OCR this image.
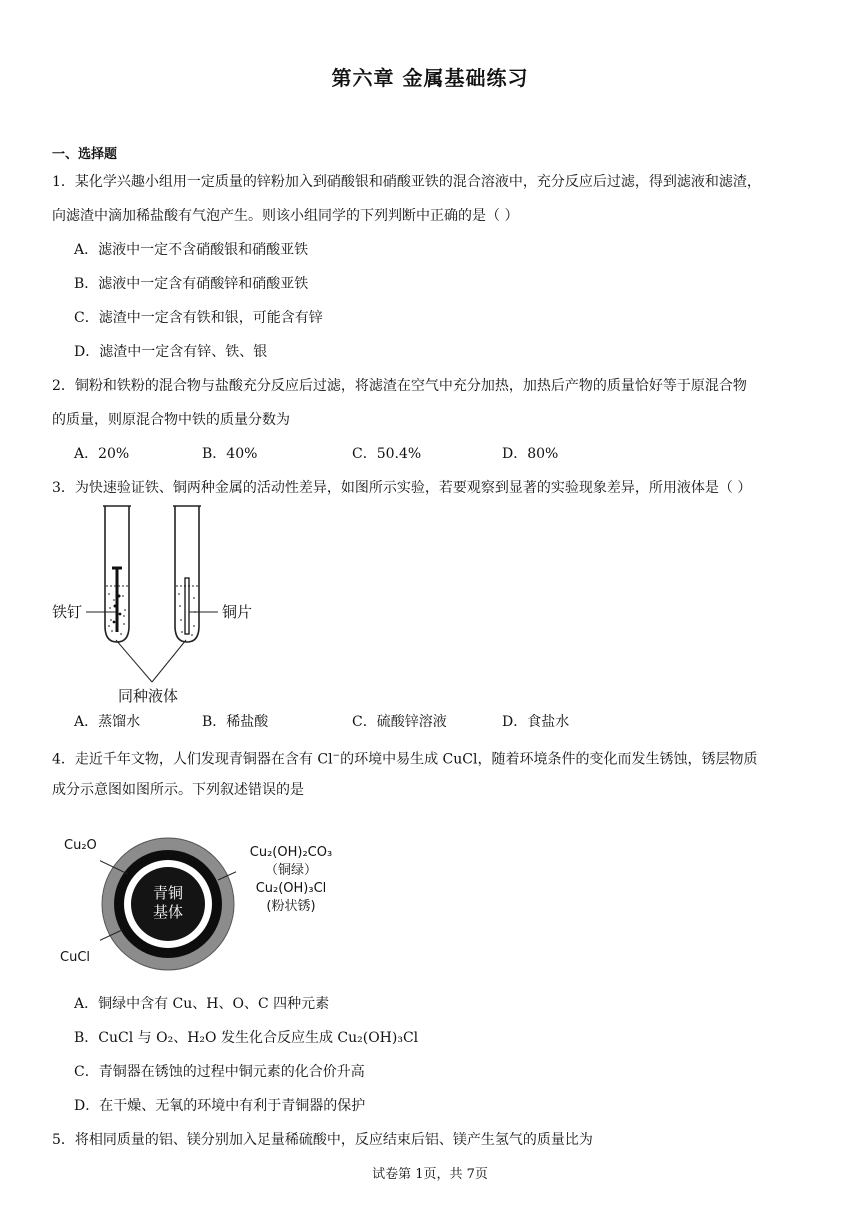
第六章 金属基础练习
一、选择题
1．某化学兴趣小组用一定质量的锌粉加入到硝酸银和硝酸亚铁的混合溶液中，充分反应后过滤，得到滤液和滤渣，
向滤渣中滴加稀盐酸有气泡产生。则该小组同学的下列判断中正确的是（ ）
A．滤液中一定不含硝酸银和硝酸亚铁
B．滤液中一定含有硝酸锌和硝酸亚铁
C．滤渣中一定含有铁和银，可能含有锌
D．滤渣中一定含有锌、铁、银
2．铜粉和铁粉的混合物与盐酸充分反应后过滤，将滤渣在空气中充分加热，加热后产物的质量恰好等于原混合物
的质量，则原混合物中铁的质量分数为
A．20%	B．40%	C．50.4%	D．80%
3．为快速验证铁、铜两种金属的活动性差异，如图所示实验，若要观察到显著的实验现象差异，所用液体是（ ）
铁钉	铜片
同种液体
A．蒸馏水	B．稀盐酸	C．硫酸锌溶液	D．食盐水
4．走近千年文物，人们发现青铜器在含有 Cl−的环境中易生成 CuCl，随着环境条件的变化而发生锈蚀，锈层物质
成分示意图如图所示。下列叙述错误的是
青铜
基体
Cu₂O
CuCl
Cu₂(OH)₂CO₃
（铜绿）
Cu₂(OH)₃Cl
(粉状锈)
A．铜绿中含有 Cu、H、O、C 四种元素
B．CuCl 与 O₂、H₂O 发生化合反应生成 Cu₂(OH)₃Cl
C．青铜器在锈蚀的过程中铜元素的化合价升高
D．在干燥、无氧的环境中有利于青铜器的保护
5．将相同质量的铝、镁分别加入足量稀硫酸中，反应结束后铝、镁产生氢气的质量比为
试卷第 1页，共 7页
